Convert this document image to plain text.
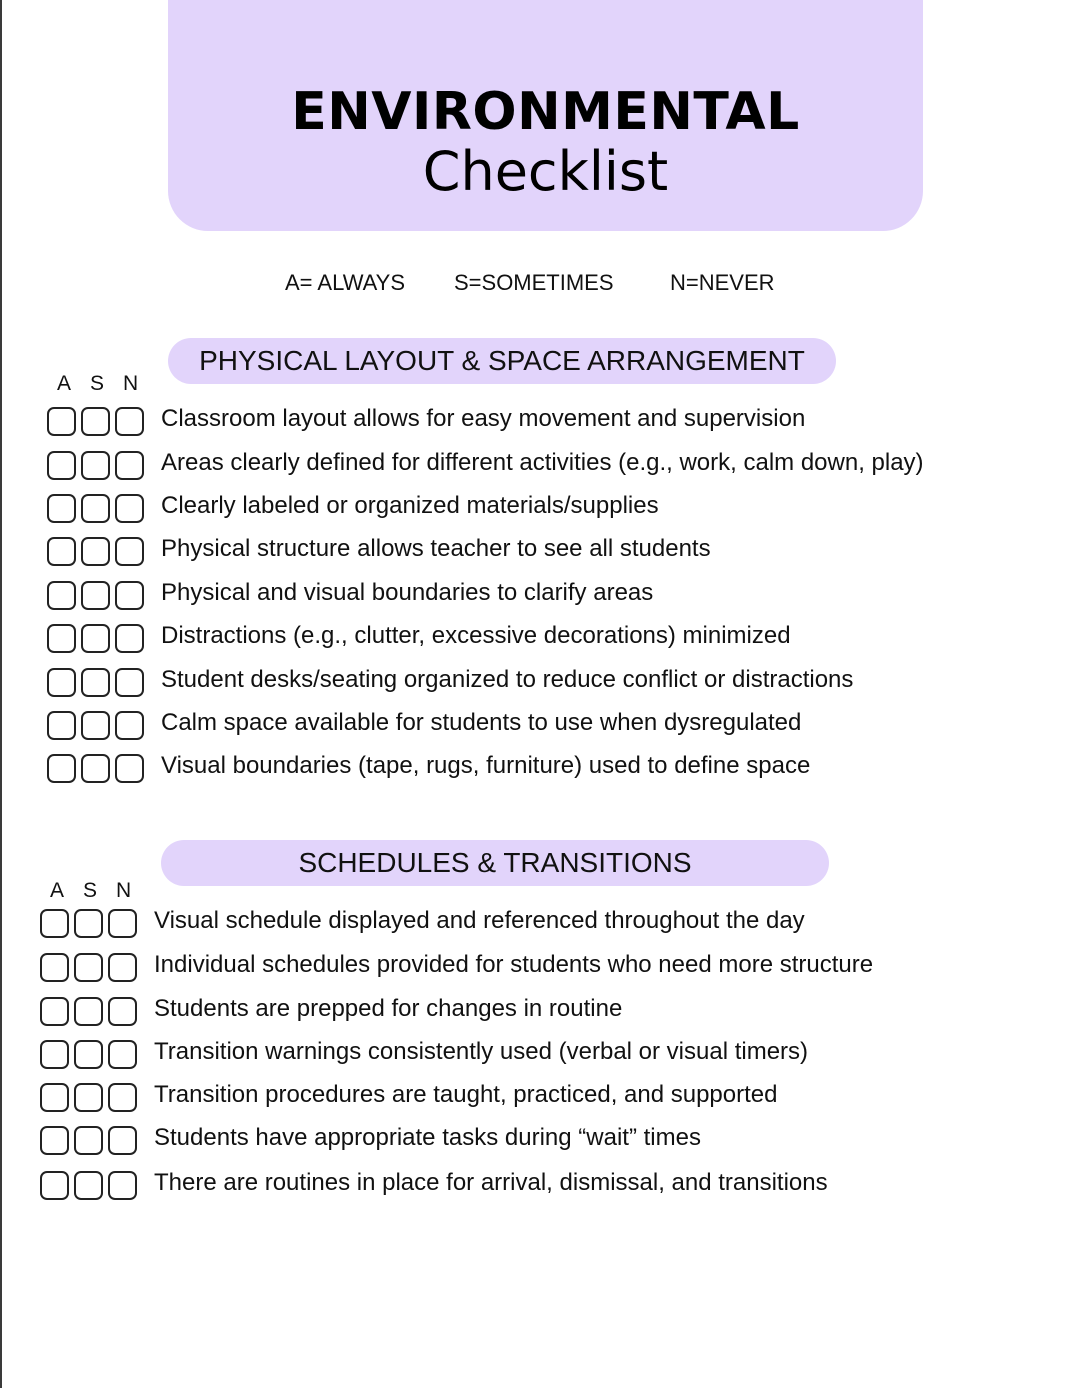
ENVIRONMENTAL
Checklist
A= ALWAYS S=SOMETIMES	N=NEVER
PHYSICAL LAYOUT & SPACE ARRANGEMENT
A S N
Classroom layout allows for easy movement and supervision
Areas clearly defined for different activities (e.g., work, calm down, play)
Clearly labeled or organized materials/supplies
Physical structure allows teacher to see all students
Physical and visual boundaries to clarify areas
Distractions (e.g., clutter, excessive decorations) minimized
Student desks/seating organized to reduce conflict or distractions
Calm space available for students to use when dysregulated
Visual boundaries (tape, rugs, furniture) used to define space
SCHEDULES & TRANSITIONS
A S N
Visual schedule displayed and referenced throughout the day
Individual schedules provided for students who need more structure
Students are prepped for changes in routine
Transition warnings consistently used (verbal or visual timers)
Transition procedures are taught, practiced, and supported
Students have appropriate tasks during “wait” times
There are routines in place for arrival, dismissal, and transitions
